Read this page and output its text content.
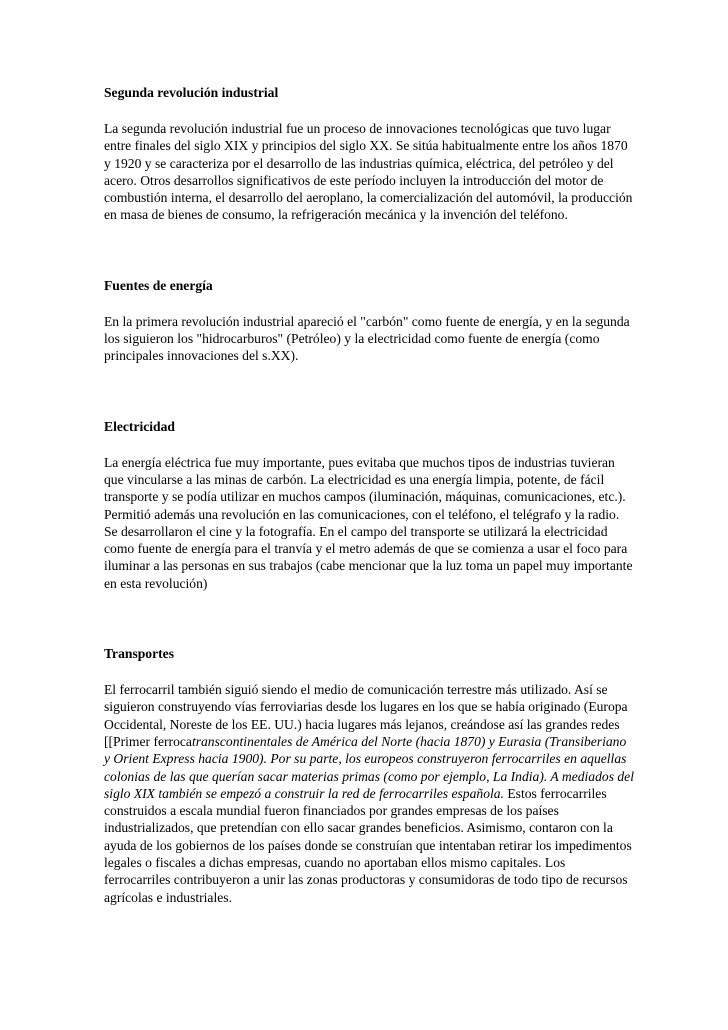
Segunda revolución industrial

La segunda revolución industrial fue un proceso de innovaciones tecnológicas que tuvo lugar entre finales del siglo XIX y principios del siglo XX. Se sitúa habitualmente entre los años 1870 y 1920 y se caracteriza por el desarrollo de las industrias química, eléctrica, del petróleo y del acero. Otros desarrollos significativos de este período incluyen la introducción del motor de combustión interna, el desarrollo del aeroplano, la comercialización del automóvil, la producción en masa de bienes de consumo, la refrigeración mecánica y la invención del teléfono.

Fuentes de energía

En la primera revolución industrial apareció el "carbón" como fuente de energía, y en la segunda los siguieron los "hidrocarburos" (Petróleo) y la electricidad como fuente de energía (como principales innovaciones del s.XX).

Electricidad

La energía eléctrica fue muy importante, pues evitaba que muchos tipos de industrias tuvieran que vincularse a las minas de carbón. La electricidad es una energía limpia, potente, de fácil transporte y se podía utilizar en muchos campos (iluminación, máquinas, comunicaciones, etc.). Permitió además una revolución en las comunicaciones, con el teléfono, el telégrafo y la radio. Se desarrollaron el cine y la fotografía. En el campo del transporte se utilizará la electricidad como fuente de energía para el tranvía y el metro además de que se comienza a usar el foco para iluminar a las personas en sus trabajos (cabe mencionar que la luz toma un papel muy importante en esta revolución)

Transportes

El ferrocarril también siguió siendo el medio de comunicación terrestre más utilizado. Así se siguieron construyendo vías ferroviarias desde los lugares en los que se había originado (Europa Occidental, Noreste de los EE. UU.) hacia lugares más lejanos, creándose así las grandes redes [[Primer ferrocatranscontinentales de América del Norte (hacia 1870) y Eurasia (Transiberiano y Orient Express hacia 1900). Por su parte, los europeos construyeron ferrocarriles en aquellas colonias de las que querían sacar materias primas (como por ejemplo, La India). A mediados del siglo XIX también se empezó a construir la red de ferrocarriles española. Estos ferrocarriles construidos a escala mundial fueron financiados por grandes empresas de los países industrializados, que pretendían con ello sacar grandes beneficios. Asimismo, contaron con la ayuda de los gobiernos de los países donde se construían que intentaban retirar los impedimentos legales o fiscales a dichas empresas, cuando no aportaban ellos mismo capitales. Los ferrocarriles contribuyeron a unir las zonas productoras y consumidoras de todo tipo de recursos agrícolas e industriales.
